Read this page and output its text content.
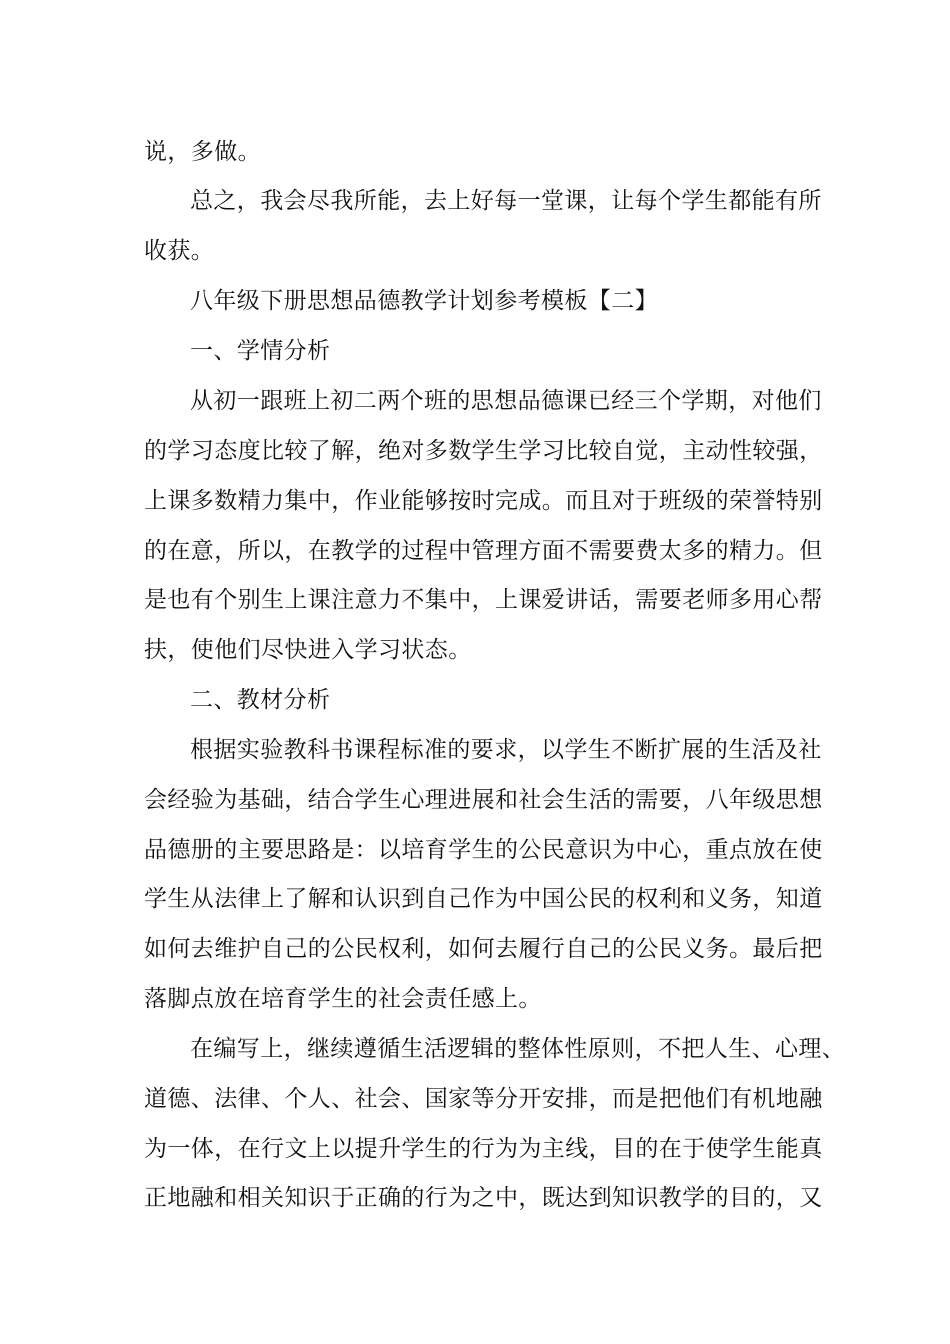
说，多做。
总之，我会尽我所能，去上好每一堂课，让每个学生都能有所
收获。
八年级下册思想品德教学计划参考模板【二】
一、学情分析
从初一跟班上初二两个班的思想品德课已经三个学期，对他们
的学习态度比较了解，绝对多数学生学习比较自觉，主动性较强，
上课多数精力集中，作业能够按时完成。而且对于班级的荣誉特别
的在意，所以，在教学的过程中管理方面不需要费太多的精力。但
是也有个别生上课注意力不集中，上课爱讲话，需要老师多用心帮
扶，使他们尽快进入学习状态。
二、教材分析
根据实验教科书课程标准的要求，以学生不断扩展的生活及社
会经验为基础，结合学生心理进展和社会生活的需要，八年级思想
品德册的主要思路是：以培育学生的公民意识为中心，重点放在使
学生从法律上了解和认识到自己作为中国公民的权利和义务，知道
如何去维护自己的公民权利，如何去履行自己的公民义务。最后把
落脚点放在培育学生的社会责任感上。
在编写上，继续遵循生活逻辑的整体性原则，不把人生、心理、
道德、法律、个人、社会、国家等分开安排，而是把他们有机地融
为一体，在行文上以提升学生的行为为主线，目的在于使学生能真
正地融和相关知识于正确的行为之中，既达到知识教学的目的，又
